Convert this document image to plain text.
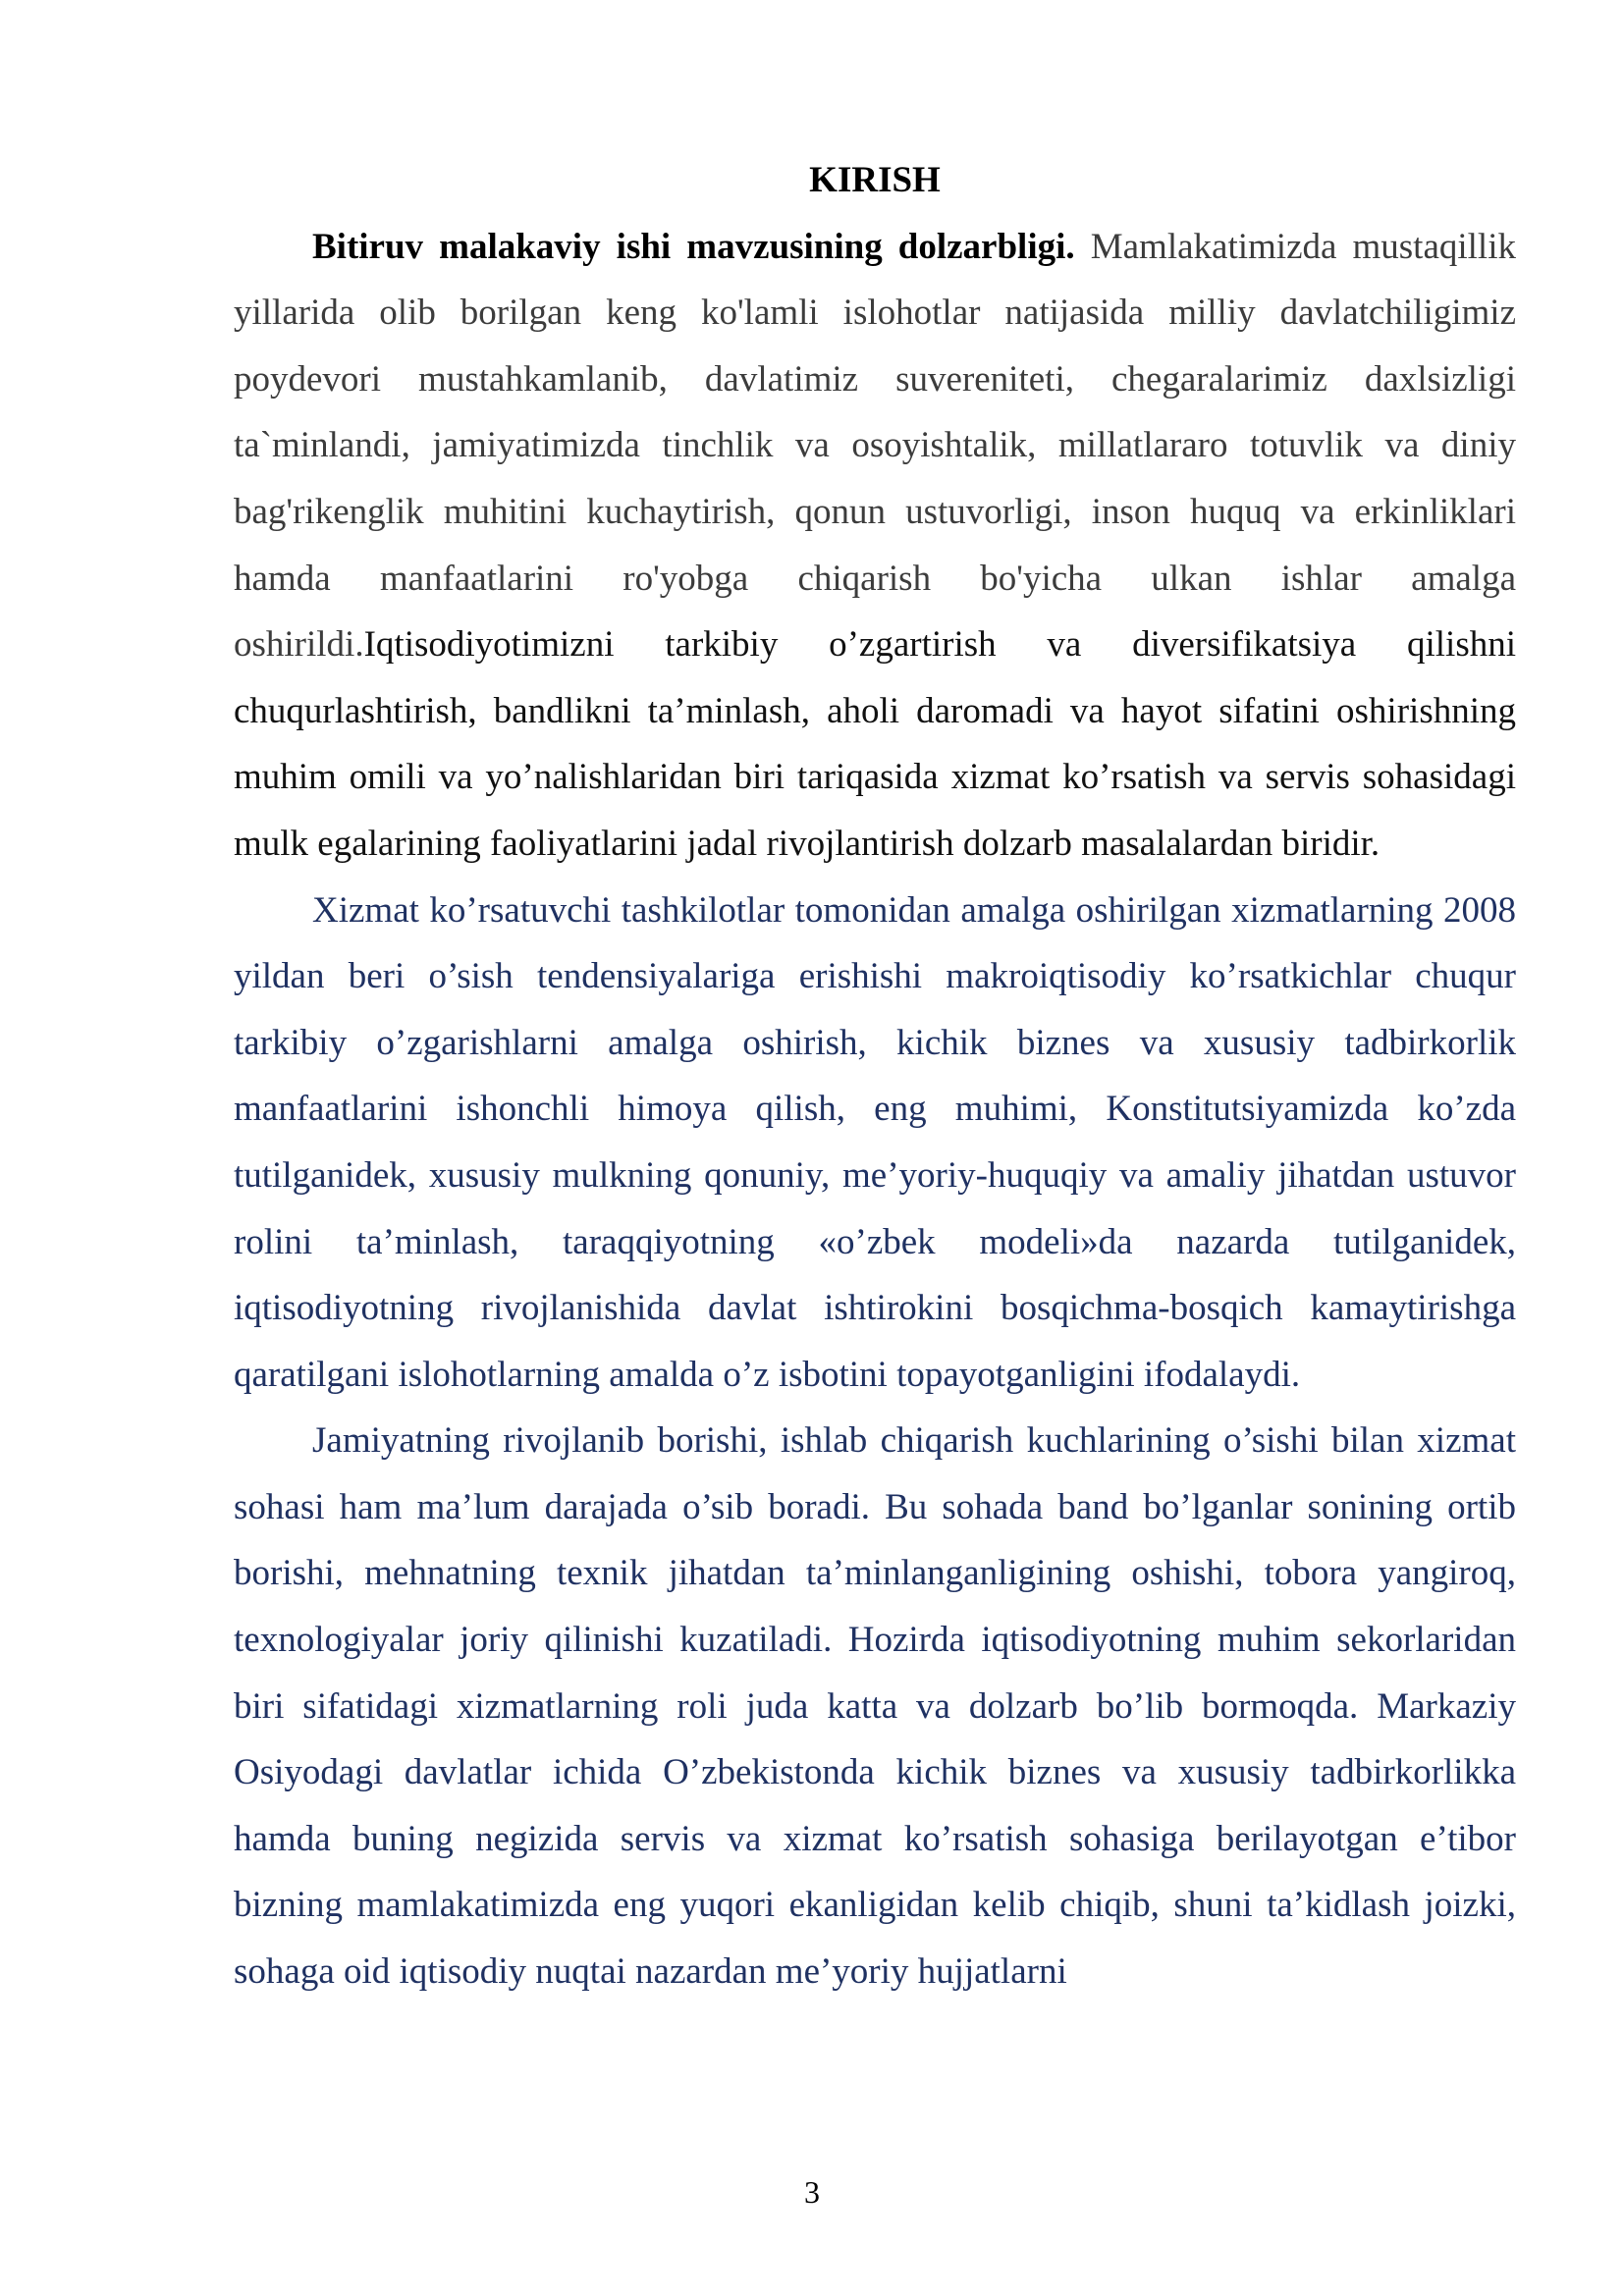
KIRISH

Bitiruv malakaviy ishi mavzusining dolzarbligi. Mamlakatimizda mustaqillik yillarida olib borilgan keng ko'lamli islohotlar natijasida milliy davlatchiligimiz poydevori mustahkamlanib, davlatimiz suvereniteti, chegaralarimiz daxlsizligi ta`minlandi, jamiyatimizda tinchlik va osoyishtalik, millatlararo totuvlik va diniy bag'rikenglik muhitini kuchaytirish, qonun ustuvorligi, inson huquq va erkinliklari hamda manfaatlarini ro'yobga chiqarish bo'yicha ulkan ishlar amalga oshirildi.Iqtisodiyotimizni tarkibiy o’zgartirish va diversifikatsiya qilishni chuqurlashtirish, bandlikni ta’minlash, aholi daromadi va hayot sifatini oshirishning muhim omili va yo’nalishlaridan biri tariqasida xizmat ko’rsatish va servis sohasidagi mulk egalarining faoliyatlarini jadal rivojlantirish dolzarb masalalardan biridir.

Xizmat ko’rsatuvchi tashkilotlar tomonidan amalga oshirilgan xizmatlarning 2008 yildan beri o’sish tendensiyalariga erishishi makroiqtisodiy ko’rsatkichlar chuqur tarkibiy o’zgarishlarni amalga oshirish, kichik biznes va xususiy tadbirkorlik manfaatlarini ishonchli himoya qilish, eng muhimi, Konstitutsiyamizda ko’zda tutilganidek, xususiy mulkning qonuniy, me’yoriy-huquqiy va amaliy jihatdan ustuvor rolini ta’minlash, taraqqiyotning «o’zbek modeli»da nazarda tutilganidek, iqtisodiyotning rivojlanishida davlat ishtirokini bosqichma-bosqich kamaytirishga qaratilgani islohotlarning amalda o’z isbotini topayotganligini ifodalaydi.

Jamiyatning rivojlanib borishi, ishlab chiqarish kuchlarining o’sishi bilan xizmat sohasi ham ma’lum darajada o’sib boradi. Bu sohada band bo’lganlar sonining ortib borishi, mehnatning texnik jihatdan ta’minlanganligining oshishi, tobora yangiroq, texnologiyalar joriy qilinishi kuzatiladi. Hozirda iqtisodiyotning muhim sekorlaridan biri sifatidagi xizmatlarning roli juda katta va dolzarb bo’lib bormoqda. Markaziy Osiyodagi davlatlar ichida O’zbekistonda kichik biznes va xususiy tadbirkorlikka hamda buning negizida servis va xizmat ko’rsatish sohasiga berilayotgan e’tibor bizning mamlakatimizda eng yuqori ekanligidan kelib chiqib, shuni ta’kidlash joizki, sohaga oid iqtisodiy nuqtai nazardan me’yoriy hujjatlarni

3
